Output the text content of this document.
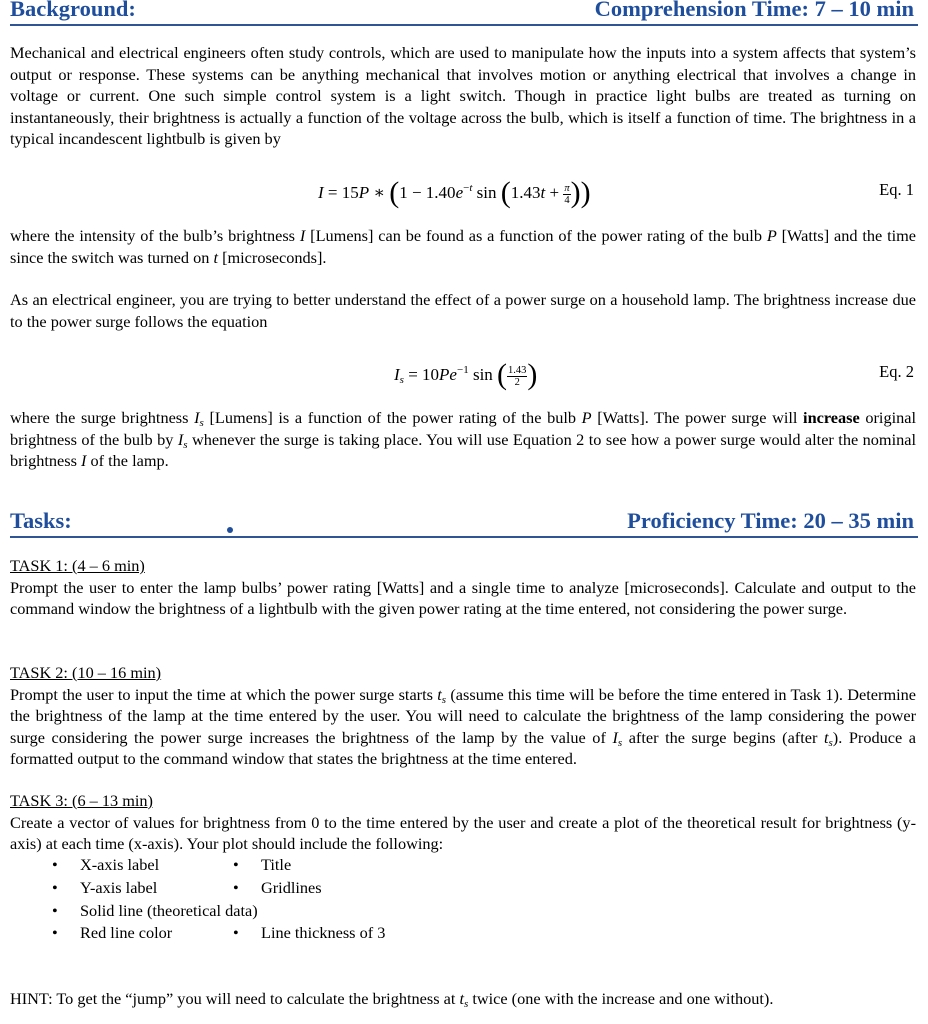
Background:	Comprehension Time: 7 – 10 min
Mechanical and electrical engineers often study controls, which are used to manipulate how the inputs into a system affects that system’s output or response. These systems can be anything mechanical that involves motion or anything electrical that involves a change in voltage or current. One such simple control system is a light switch. Though in practice light bulbs are treated as turning on instantaneously, their brightness is actually a function of the voltage across the bulb, which is itself a function of time. The brightness in a typical incandescent lightbulb is given by
I = 15P ∗ ($1 - 1.40e^{-t}$ $\sin (1.43t + \frac{\pi}{4}$ ))	Eq. 1
where the intensity of the bulb’s brightness I [Lumens] can be found as a function of the power rating of the bulb P [Watts] and the time since the switch was turned on t [microseconds].
As an electrical engineer, you are trying to better understand the effect of a power surge on a household lamp. The brightness increase due to the power surge follows the equation
$I_s = 10Pe^{-1}$ sin ( $\frac{1.43}{2}$ )	Eq. 2
where the surge brightness $I_s$ [Lumens] is a function of the power rating of the bulb P [Watts]. The power surge will increase original brightness of the bulb by $I_s$ whenever the surge is taking place. You will use Equation 2 to see how a power surge would alter the nominal brightness I of the lamp.
Tasks:	Proficiency Time: 20 – 35 min
TASK 1: (4 – 6 min)
Prompt the user to enter the lamp bulbs’ power rating [Watts] and a single time to analyze [microseconds]. Calculate and output to the command window the brightness of a lightbulb with the given power rating at the time entered, not considering the power surge.
TASK 2: (10 – 16 min)
Prompt the user to input the time at which the power surge starts $t_s$ (assume this time will be before the time entered in Task 1). Determine the brightness of the lamp at the time entered by the user. You will need to calculate the brightness of the lamp considering the power surge considering the power surge increases the brightness of the lamp by the value of $I_s$ after the surge begins (after $t_s$). Produce a formatted output to the command window that states the brightness at the time entered.
TASK 3: (6 – 13 min)
Create a vector of values for brightness from 0 to the time entered by the user and create a plot of the theoretical result for brightness (y-axis) at each time (x-axis). Your plot should include the following:
• X-axis label	• Title
• Y-axis label	• Gridlines
• Solid line (theoretical data)
• Red line color	• Line thickness of 3
HINT: To get the “jump” you will need to calculate the brightness at $t_s$ twice (one with the increase and one without).
